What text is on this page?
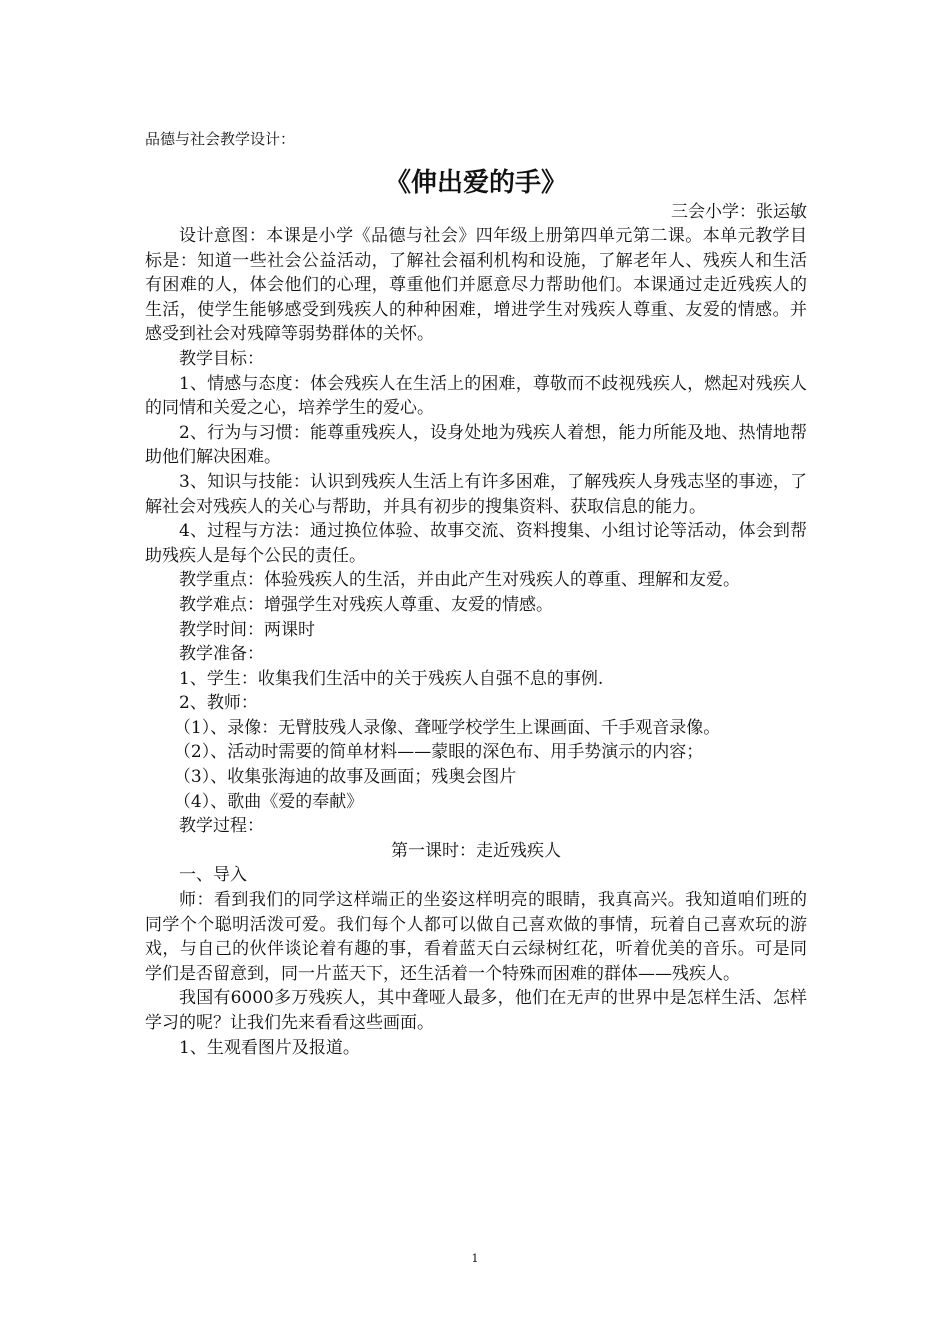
品德与社会教学设计：

《伸出爱的手》

三会小学：张运敏

设计意图：本课是小学《品德与社会》四年级上册第四单元第二课。本单元教学目标是：知道一些社会公益活动，了解社会福利机构和设施，了解老年人、残疾人和生活有困难的人，体会他们的心理，尊重他们并愿意尽力帮助他们。本课通过走近残疾人的生活，使学生能够感受到残疾人的种种困难，增进学生对残疾人尊重、友爱的情感。并感受到社会对残障等弱势群体的关怀。

教学目标：

1、情感与态度：体会残疾人在生活上的困难，尊敬而不歧视残疾人，燃起对残疾人的同情和关爱之心，培养学生的爱心。

2、行为与习惯：能尊重残疾人，设身处地为残疾人着想，能力所能及地、热情地帮助他们解决困难。

3、知识与技能：认识到残疾人生活上有许多困难，了解残疾人身残志坚的事迹，了解社会对残疾人的关心与帮助，并具有初步的搜集资料、获取信息的能力。

4、过程与方法：通过换位体验、故事交流、资料搜集、小组讨论等活动，体会到帮助残疾人是每个公民的责任。

教学重点：体验残疾人的生活，并由此产生对残疾人的尊重、理解和友爱。

教学难点：增强学生对残疾人尊重、友爱的情感。

教学时间：两课时

教学准备：

1、学生：收集我们生活中的关于残疾人自强不息的事例.

2、教师：

（1）、录像：无臂肢残人录像、聋哑学校学生上课画面、千手观音录像。

（2）、活动时需要的简单材料——蒙眼的深色布、用手势演示的内容；

（3）、收集张海迪的故事及画面；残奥会图片

（4）、歌曲《爱的奉献》

教学过程：

第一课时：走近残疾人

一、导入

师：看到我们的同学这样端正的坐姿这样明亮的眼睛，我真高兴。我知道咱们班的同学个个聪明活泼可爱。我们每个人都可以做自己喜欢做的事情，玩着自己喜欢玩的游戏，与自己的伙伴谈论着有趣的事，看着蓝天白云绿树红花，听着优美的音乐。可是同学们是否留意到，同一片蓝天下，还生活着一个特殊而困难的群体——残疾人。

我国有6000多万残疾人，其中聋哑人最多，他们在无声的世界中是怎样生活、怎样学习的呢？让我们先来看看这些画面。

1、生观看图片及报道。

1
